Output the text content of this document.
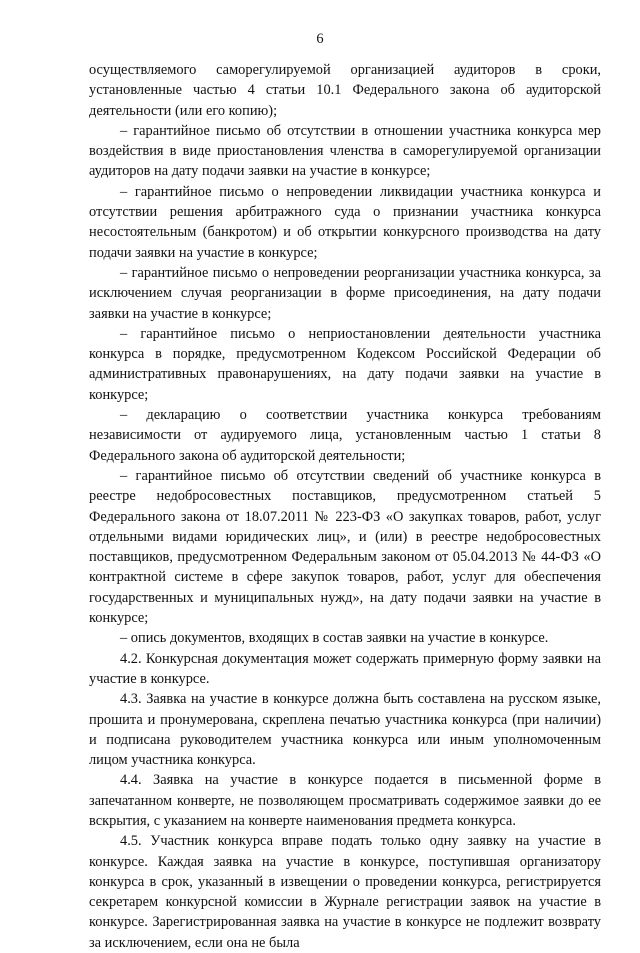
6

осуществляемого саморегулируемой организацией аудиторов в сроки, установленные частью 4 статьи 10.1 Федерального закона об аудиторской деятельности (или его копию);

– гарантийное письмо об отсутствии в отношении участника конкурса мер воздействия в виде приостановления членства в саморегулируемой организации аудиторов на дату подачи заявки на участие в конкурсе;

– гарантийное письмо о непроведении ликвидации участника конкурса и отсутствии решения арбитражного суда о признании участника конкурса несостоятельным (банкротом) и об открытии конкурсного производства на дату подачи заявки на участие в конкурсе;

– гарантийное письмо о непроведении реорганизации участника конкурса, за исключением случая реорганизации в форме присоединения, на дату подачи заявки на участие в конкурсе;

– гарантийное письмо о неприостановлении деятельности участника конкурса в порядке, предусмотренном Кодексом Российской Федерации об административных правонарушениях, на дату подачи заявки на участие в конкурсе;

– декларацию о соответствии участника конкурса требованиям независимости от аудируемого лица, установленным частью 1 статьи 8 Федерального закона об аудиторской деятельности;

– гарантийное письмо об отсутствии сведений об участнике конкурса в реестре недобросовестных поставщиков, предусмотренном статьей 5 Федерального закона от 18.07.2011 № 223-ФЗ «О закупках товаров, работ, услуг отдельными видами юридических лиц», и (или) в реестре недобросовестных поставщиков, предусмотренном Федеральным законом от 05.04.2013 № 44-ФЗ «О контрактной системе в сфере закупок товаров, работ, услуг для обеспечения государственных и муниципальных нужд», на дату подачи заявки на участие в конкурсе;

– опись документов, входящих в состав заявки на участие в конкурсе.

4.2. Конкурсная документация может содержать примерную форму заявки на участие в конкурсе.

4.3. Заявка на участие в конкурсе должна быть составлена на русском языке, прошита и пронумерована, скреплена печатью участника конкурса (при наличии) и подписана руководителем участника конкурса или иным уполномоченным лицом участника конкурса.

4.4. Заявка на участие в конкурсе подается в письменной форме в запечатанном конверте, не позволяющем просматривать содержимое заявки до ее вскрытия, с указанием на конверте наименования предмета конкурса.

4.5. Участник конкурса вправе подать только одну заявку на участие в конкурсе. Каждая заявка на участие в конкурсе, поступившая организатору конкурса в срок, указанный в извещении о проведении конкурса, регистрируется секретарем конкурсной комиссии в Журнале регистрации заявок на участие в конкурсе. Зарегистрированная заявка на участие в конкурсе не подлежит возврату за исключением, если она не была
